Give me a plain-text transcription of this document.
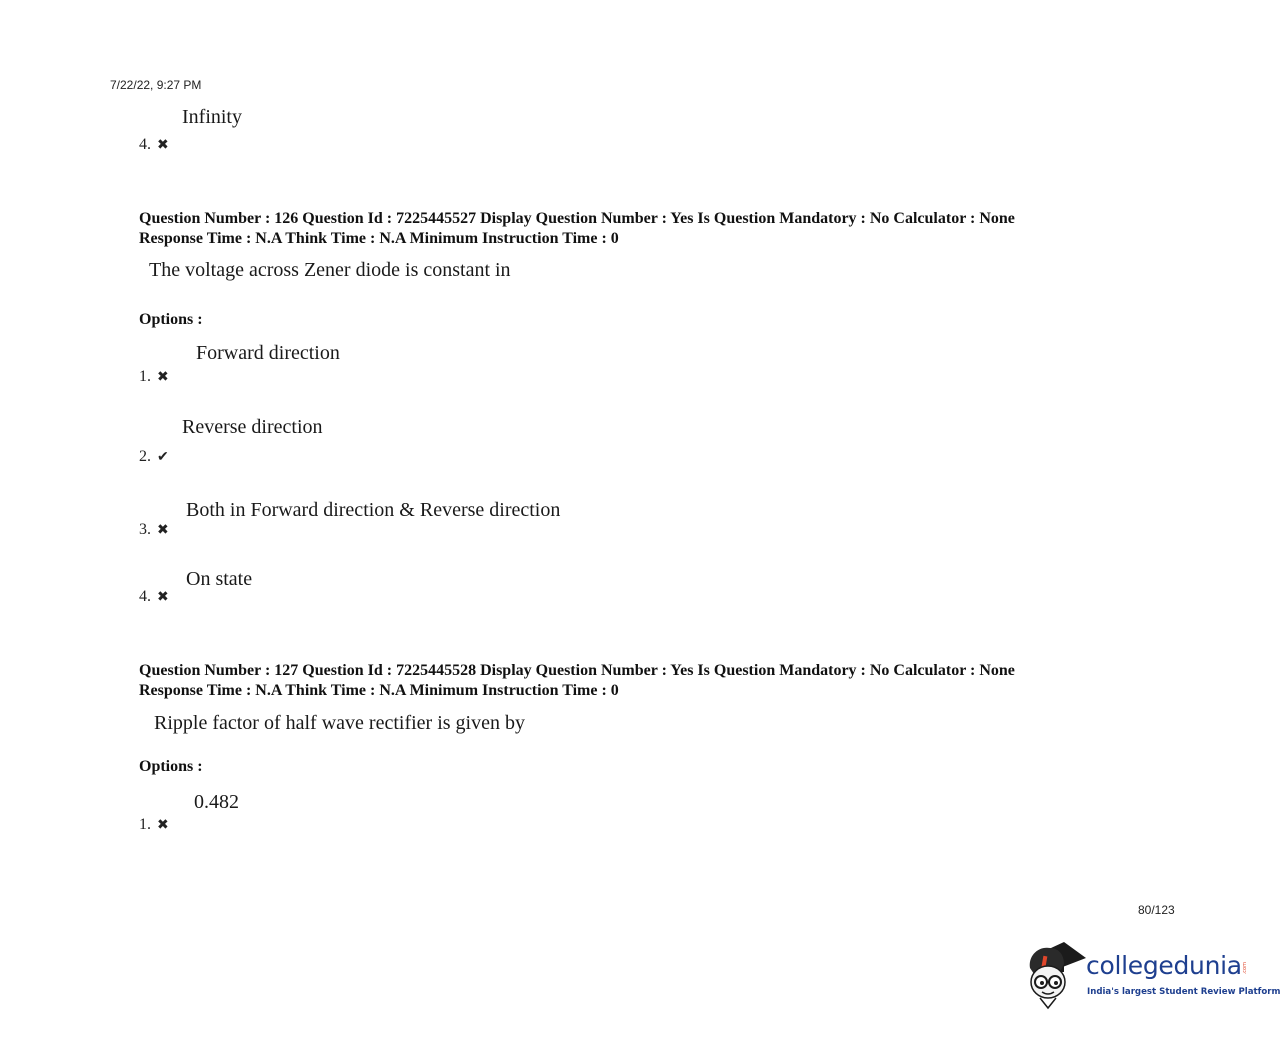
7/22/22, 9:27 PM
Infinity
4. ✖
Question Number : 126 Question Id : 7225445527 Display Question Number : Yes Is Question Mandatory : No Calculator : None
Response Time : N.A Think Time : N.A Minimum Instruction Time : 0
The voltage across Zener diode is constant in
Options :
Forward direction
1. ✖
Reverse direction
2. ✔
Both in Forward direction & Reverse direction
3. ✖
On state
4. ✖
Question Number : 127 Question Id : 7225445528 Display Question Number : Yes Is Question Mandatory : No Calculator : None
Response Time : N.A Think Time : N.A Minimum Instruction Time : 0
Ripple factor of half wave rectifier is given by
Options :
0.482
1. ✖
80/123
collegedunia .com
India's largest Student Review Platform
